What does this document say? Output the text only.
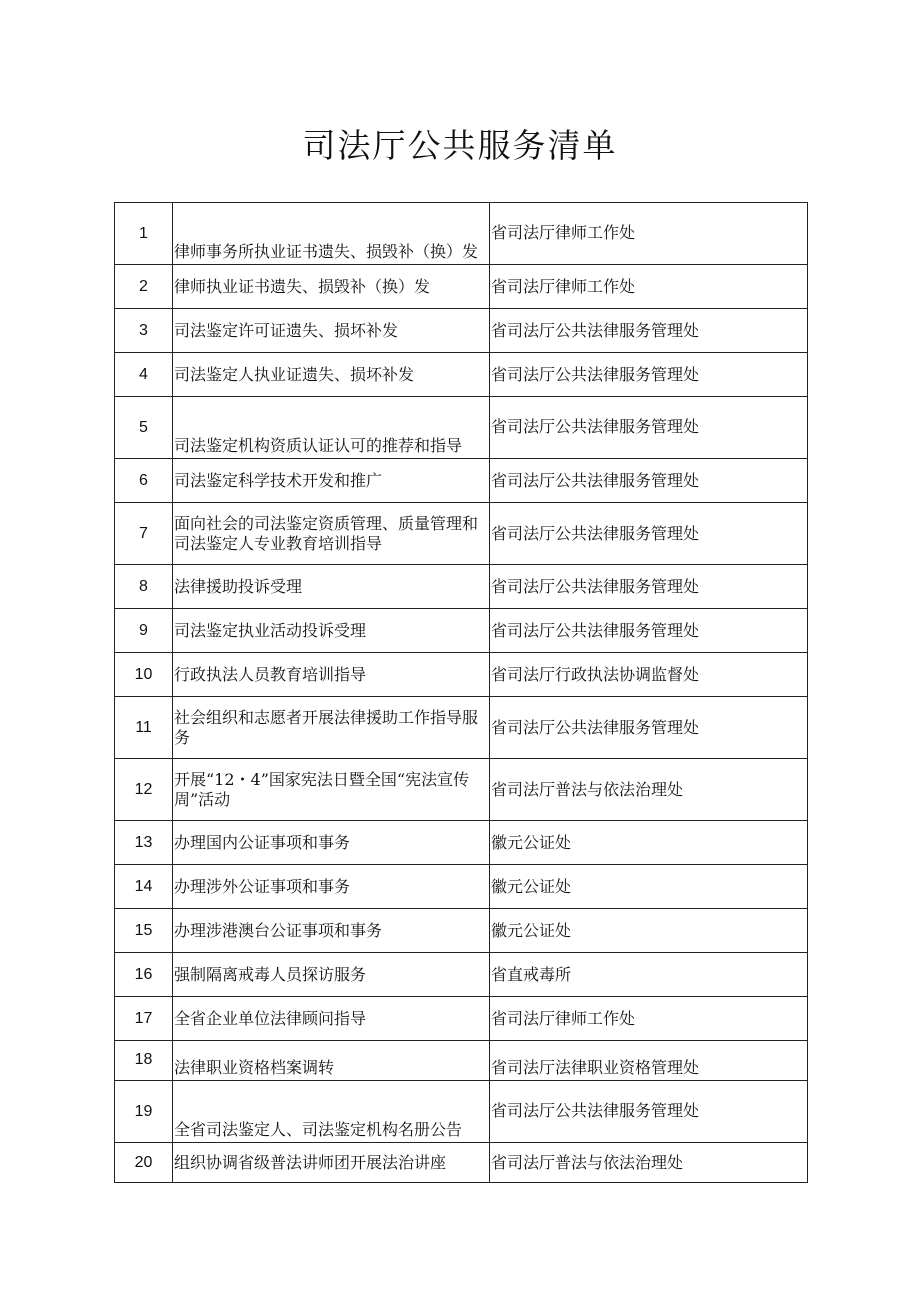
司法厅公共服务清单
1	律师事务所执业证书遗失、损毁补（换）发	省司法厅律师工作处

2	律师执业证书遗失、损毁补（换）发	省司法厅律师工作处

3	司法鉴定许可证遗失、损坏补发	省司法厅公共法律服务管理处

4	司法鉴定人执业证遗失、损坏补发	省司法厅公共法律服务管理处

5	司法鉴定机构资质认证认可的推荐和指导	省司法厅公共法律服务管理处

6	司法鉴定科学技术开发和推广	省司法厅公共法律服务管理处

7	面向社会的司法鉴定资质管理、质量管理和司法鉴定人专业教育培训指导	省司法厅公共法律服务管理处

8	法律援助投诉受理	省司法厅公共法律服务管理处

9	司法鉴定执业活动投诉受理	省司法厅公共法律服务管理处

10	行政执法人员教育培训指导	省司法厅行政执法协调监督处

11	社会组织和志愿者开展法律援助工作指导服务	省司法厅公共法律服务管理处

12	开展“12・4”国家宪法日暨全国“宪法宣传周”活动	省司法厅普法与依法治理处

13	办理国内公证事项和事务	徽元公证处

14	办理涉外公证事项和事务	徽元公证处

15	办理涉港澳台公证事项和事务	徽元公证处

16	强制隔离戒毒人员探访服务	省直戒毒所

17	全省企业单位法律顾问指导	省司法厅律师工作处

18	法律职业资格档案调转	省司法厅法律职业资格管理处

19	全省司法鉴定人、司法鉴定机构名册公告	省司法厅公共法律服务管理处

20	组织协调省级普法讲师团开展法治讲座	省司法厅普法与依法治理处
